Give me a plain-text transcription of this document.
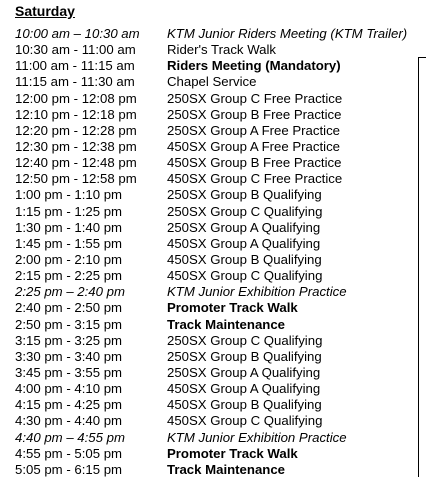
Saturday
10:00 am – 10:30 am KTM Junior Riders Meeting (KTM Trailer)
10:30 am - 11:00 am Rider's Track Walk
11:00 am - 11:15 am Riders Meeting (Mandatory)
11:15 am - 11:30 am Chapel Service
12:00 pm - 12:08 pm 250SX Group C Free Practice
12:10 pm - 12:18 pm 250SX Group B Free Practice
12:20 pm - 12:28 pm 250SX Group A Free Practice
12:30 pm - 12:38 pm 450SX Group A Free Practice
12:40 pm - 12:48 pm 450SX Group B Free Practice
12:50 pm - 12:58 pm 450SX Group C Free Practice
1:00 pm - 1:10 pm	250SX Group B Qualifying
1:15 pm - 1:25 pm	250SX Group C Qualifying
1:30 pm - 1:40 pm	250SX Group A Qualifying
1:45 pm - 1:55 pm	450SX Group A Qualifying
2:00 pm - 2:10 pm	450SX Group B Qualifying
2:15 pm - 2:25 pm	450SX Group C Qualifying
2:25 pm – 2:40 pm	KTM Junior Exhibition Practice
2:40 pm - 2:50 pm	Promoter Track Walk
2:50 pm - 3:15 pm	Track Maintenance
3:15 pm - 3:25 pm	250SX Group C Qualifying
3:30 pm - 3:40 pm	250SX Group B Qualifying
3:45 pm - 3:55 pm	250SX Group A Qualifying
4:00 pm - 4:10 pm	450SX Group A Qualifying
4:15 pm - 4:25 pm	450SX Group B Qualifying
4:30 pm - 4:40 pm	450SX Group C Qualifying
4:40 pm – 4:55 pm	KTM Junior Exhibition Practice
4:55 pm - 5:05 pm	Promoter Track Walk
5:05 pm - 6:15 pm	Track Maintenance
